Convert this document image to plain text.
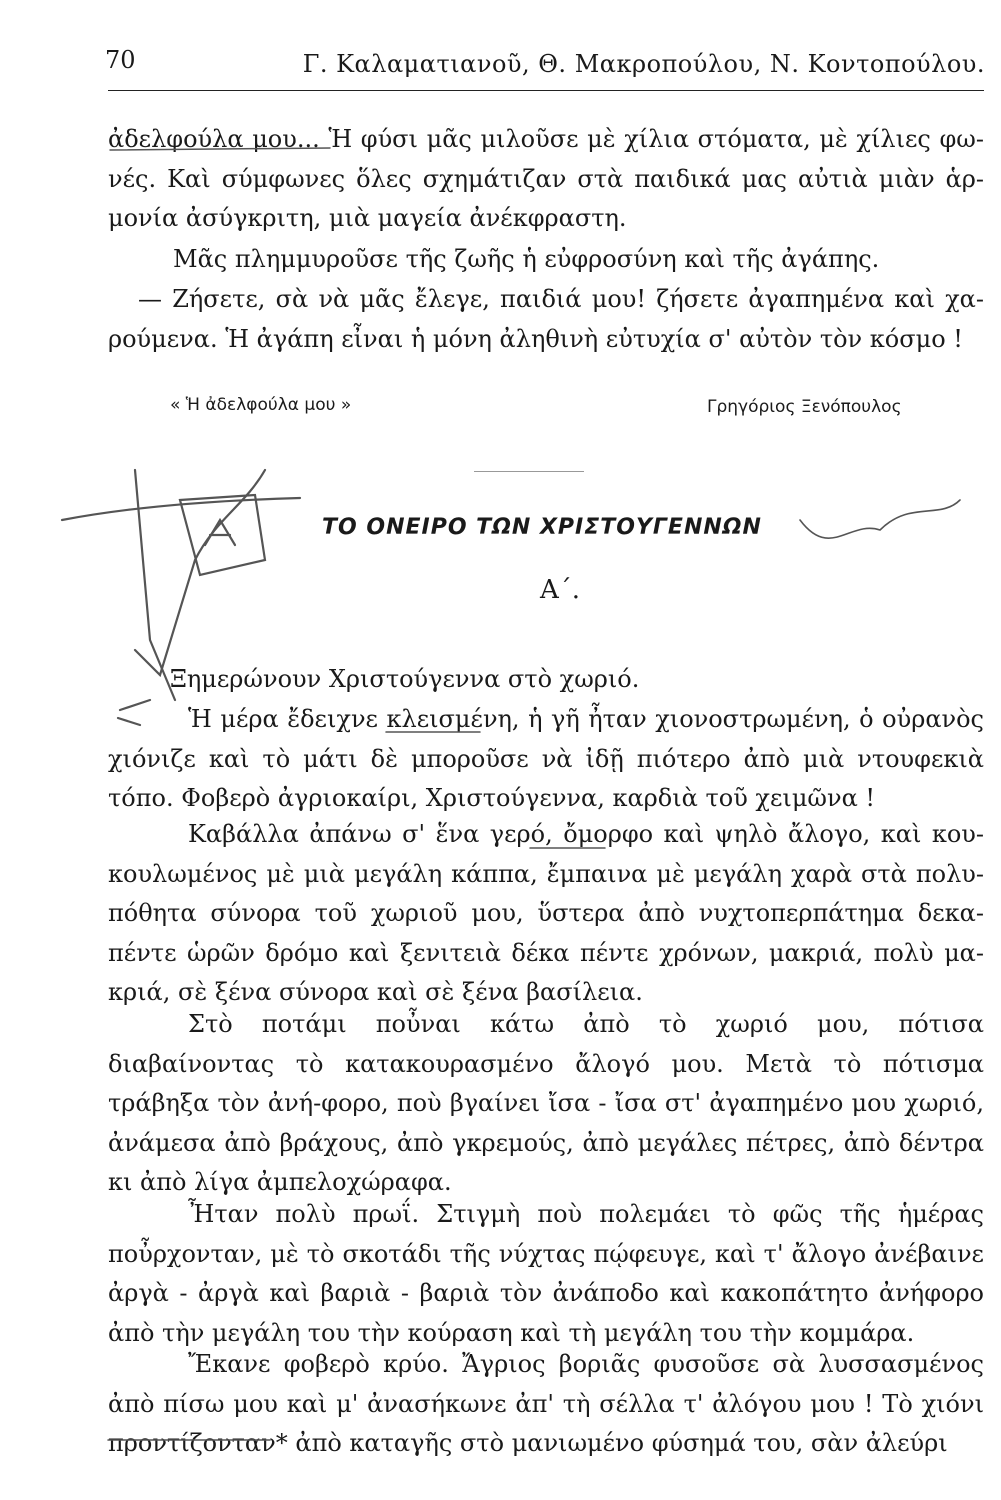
70	Γ. Καλαματιανοῦ, Θ. Μακροπούλου, Ν. Κοντοπούλου.

ἀδελφούλα μου... Ἡ φύσι μᾶς μιλοῦσε μὲ χίλια στόματα, μὲ χίλιες φω-νές. Καὶ σύμφωνες ὅλες σχημάτιζαν στὰ παιδικά μας αὐτιὰ μιὰν ἁρ-μονία ἀσύγκριτη, μιὰ μαγεία ἀνέκφραστη.

Μᾶς πλημμυροῦσε τῆς ζωῆς ἡ εὐφροσύνη καὶ τῆς ἀγάπης.

— Ζήσετε, σὰ νὰ μᾶς ἔλεγε, παιδιά μου! ζήσετε ἀγαπημένα καὶ χα-ρούμενα. Ἡ ἀγάπη εἶναι ἡ μόνη ἀληθινὴ εὐτυχία σ' αὐτὸν τὸν κόσμο !

« Ἡ ἀδελφούλα μου »	Γρηγόριος Ξενόπουλος
ΤΟ ΟΝΕΙΡΟ ΤΩΝ ΧΡΙΣΤΟΥΓΕΝΝΩΝ
Α΄.

Ξημερώνουν Χριστούγεννα στὸ χωριό.

Ἡ μέρα ἔδειχνε κλεισμένη, ἡ γῆ ἦταν χιονοστρωμένη, ὁ οὐρανὸς χιόνιζε καὶ τὸ μάτι δὲ μποροῦσε νὰ ἰδῇ πιότερο ἀπὸ μιὰ ντουφεκιὰ τόπο. Φοβερὸ ἀγριοκαίρι, Χριστούγεννα, καρδιὰ τοῦ χειμῶνα !

Καβάλλα ἀπάνω σ' ἕνα γερό, ὄμορφο καὶ ψηλὸ ἄλογο, καὶ κου-κουλωμένος μὲ μιὰ μεγάλη κάππα, ἔμπαινα μὲ μεγάλη χαρὰ στὰ πολυ-πόθητα σύνορα τοῦ χωριοῦ μου, ὕστερα ἀπὸ νυχτοπερπάτημα δεκα-πέντε ὡρῶν δρόμο καὶ ξενιτειὰ δέκα πέντε χρόνων, μακριά, πολὺ μα-κριά, σὲ ξένα σύνορα καὶ σὲ ξένα βασίλεια.

Στὸ ποτάμι ποὖναι κάτω ἀπὸ τὸ χωριό μου, πότισα διαβαίνοντας τὸ κατακουρασμένο ἄλογό μου. Μετὰ τὸ πότισμα τράβηξα τὸν ἀνή-φορο, ποὺ βγαίνει ἴσα - ἴσα στ' ἀγαπημένο μου χωριό, ἀνάμεσα ἀπὸ βράχους, ἀπὸ γκρεμούς, ἀπὸ μεγάλες πέτρες, ἀπὸ δέντρα κι ἀπὸ λίγα ἀμπελοχώραφα.

Ἦταν πολὺ πρωΐ. Στιγμὴ ποὺ πολεμάει τὸ φῶς τῆς ἡμέρας ποὖρχονταν, μὲ τὸ σκοτάδι τῆς νύχτας πῴφευγε, καὶ τ' ἄλογο ἀνέβαινε ἀργὰ - ἀργὰ καὶ βαριὰ - βαριὰ τὸν ἀνάποδο καὶ κακοπάτητο ἀνήφορο ἀπὸ τὴν μεγάλη του τὴν κούραση καὶ τὴ μεγάλη του τὴν κομμάρα.

Ἔκανε φοβερὸ κρύο. Ἄγριος βοριᾶς φυσοῦσε σὰ λυσσασμένος ἀπὸ πίσω μου καὶ μ' ἀνασήκωνε ἀπ' τὴ σέλλα τ' ἀλόγου μου ! Τὸ χιόνι προντίζονταν* ἀπὸ καταγῆς στὸ μανιωμένο φύσημά του, σὰν ἀλεύρι
